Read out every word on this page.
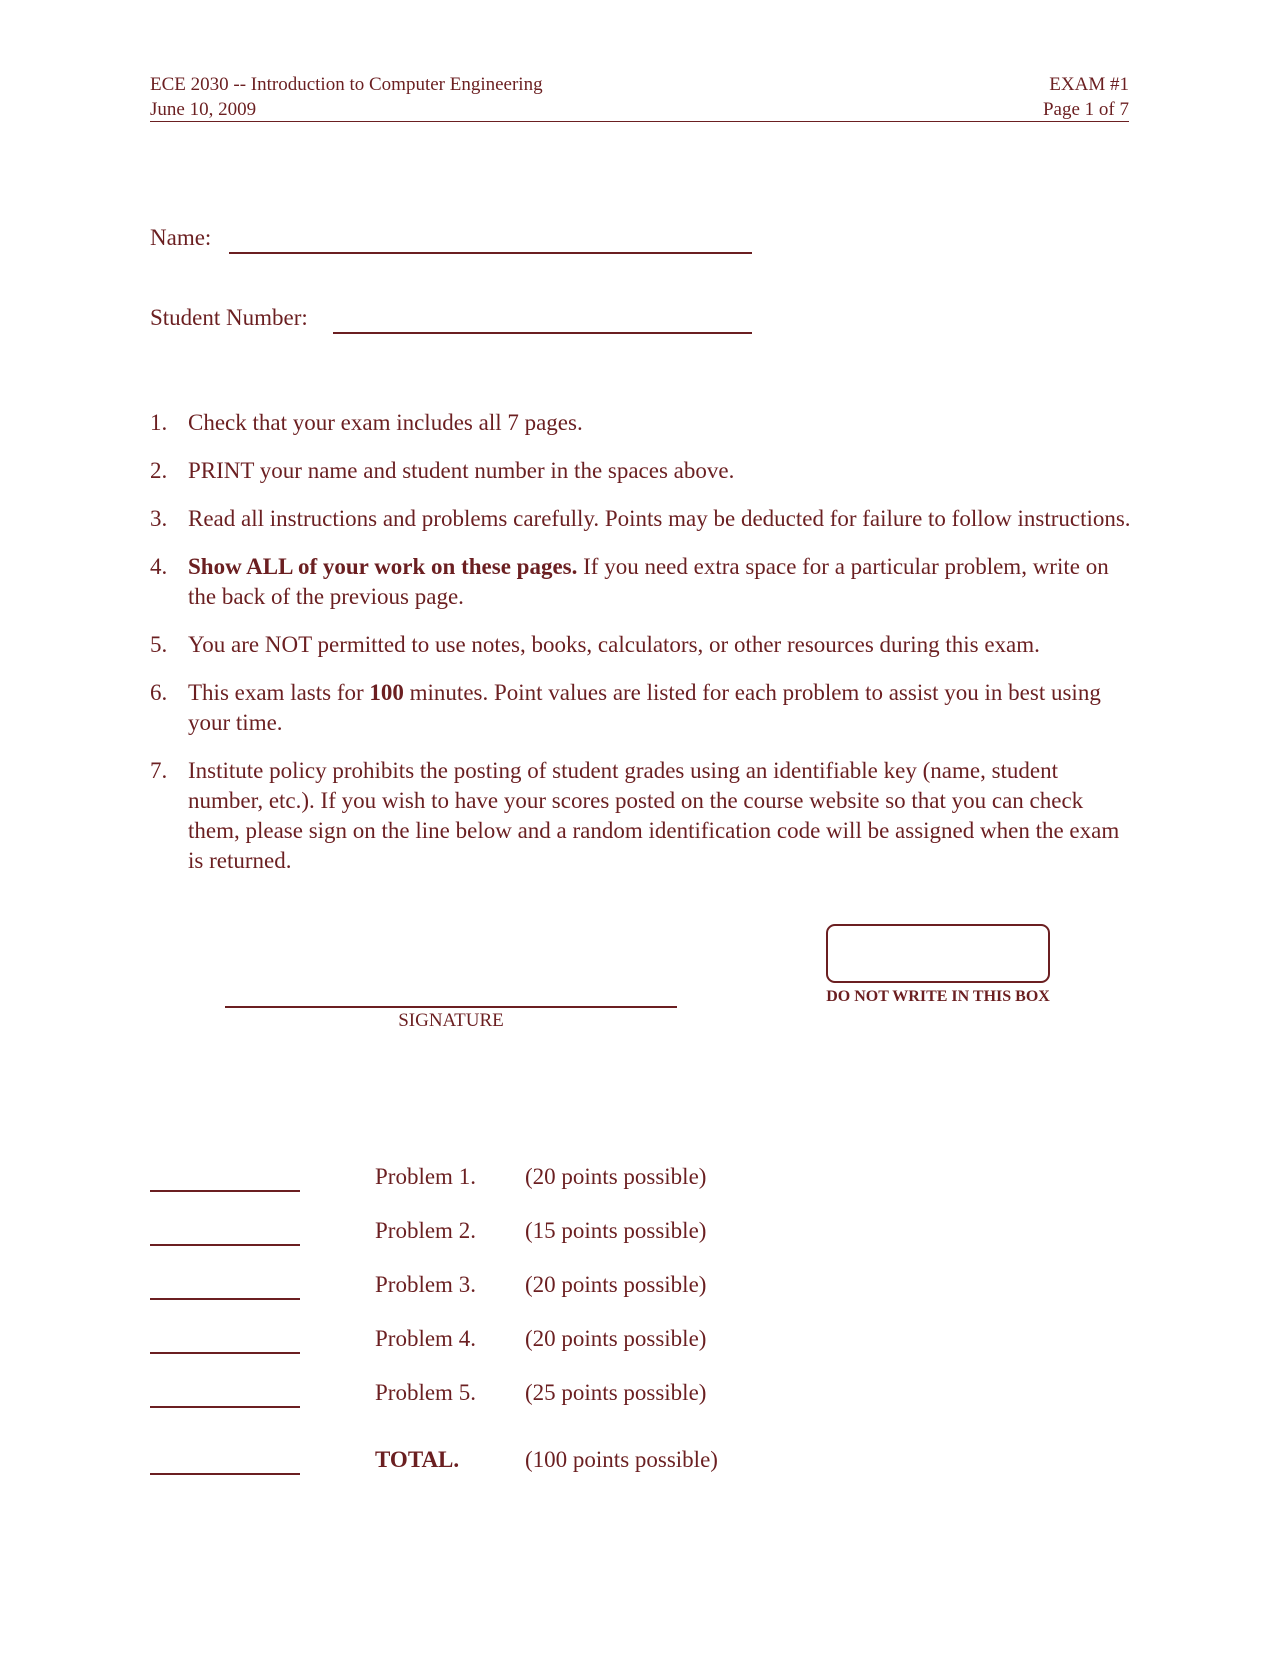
ECE 2030 -- Introduction to Computer Engineering
June 10, 2009
EXAM #1
Page 1 of 7
Name:
Student Number:
1. Check that your exam includes all 7 pages.
2. PRINT your name and student number in the spaces above.
3. Read all instructions and problems carefully. Points may be deducted for failure to follow instructions.
4. Show ALL of your work on these pages. If you need extra space for a particular problem, write on the back of the previous page.
5. You are NOT permitted to use notes, books, calculators, or other resources during this exam.
6. This exam lasts for 100 minutes. Point values are listed for each problem to assist you in best using your time.
7. Institute policy prohibits the posting of student grades using an identifiable key (name, student number, etc.). If you wish to have your scores posted on the course website so that you can check them, please sign on the line below and a random identification code will be assigned when the exam is returned.
DO NOT WRITE IN THIS BOX
SIGNATURE
Problem 1. (20 points possible)
Problem 2. (15 points possible)
Problem 3. (20 points possible)
Problem 4. (20 points possible)
Problem 5. (25 points possible)
TOTAL.	(100 points possible)
